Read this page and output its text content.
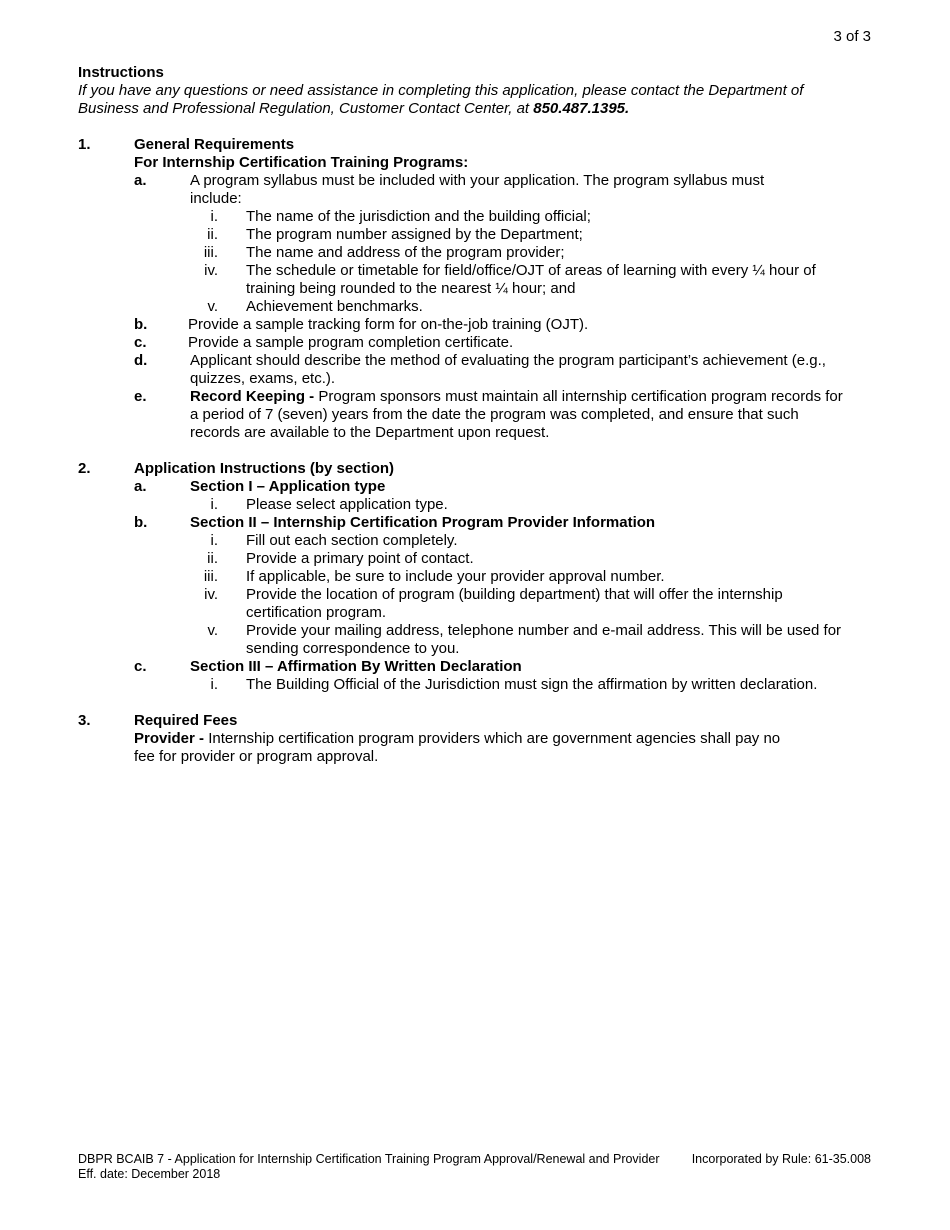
3 of 3
Instructions
If you have any questions or need assistance in completing this application, please contact the Department of
Business and Professional Regulation, Customer Contact Center, at 850.487.1395.
1.	General Requirements
For Internship Certification Training Programs:
a.	A program syllabus must be included with your application. The program syllabus must
include:
i. The name of the jurisdiction and the building official;
ii. The program number assigned by the Department;
iii. The name and address of the program provider;
iv. The schedule or timetable for field/office/OJT of areas of learning with every ¼ hour of
training being rounded to the nearest ¼ hour; and
v. Achievement benchmarks.
b.	Provide a sample tracking form for on-the-job training (OJT).
c.	Provide a sample program completion certificate.
d.	Applicant should describe the method of evaluating the program participant’s achievement (e.g.,
quizzes, exams, etc.).
e.	Record Keeping - Program sponsors must maintain all internship certification program records for
a period of 7 (seven) years from the date the program was completed, and ensure that such
records are available to the Department upon request.
2.	Application Instructions (by section)
a.	Section I – Application type
i. Please select application type.
b.	Section II – Internship Certification Program Provider Information
i. Fill out each section completely.
ii. Provide a primary point of contact.
iii. If applicable, be sure to include your provider approval number.
iv. Provide the location of program (building department) that will offer the internship
certification program.
v. Provide your mailing address, telephone number and e-mail address. This will be used for
sending correspondence to you.
c.	Section III – Affirmation By Written Declaration
i. The Building Official of the Jurisdiction must sign the affirmation by written declaration.
3.	Required Fees
Provider - Internship certification program providers which are government agencies shall pay no
fee for provider or program approval.
DBPR BCAIB 7 - Application for Internship Certification Training Program Approval/Renewal and Provider
Eff. date: December 2018
Incorporated by Rule: 61-35.008
